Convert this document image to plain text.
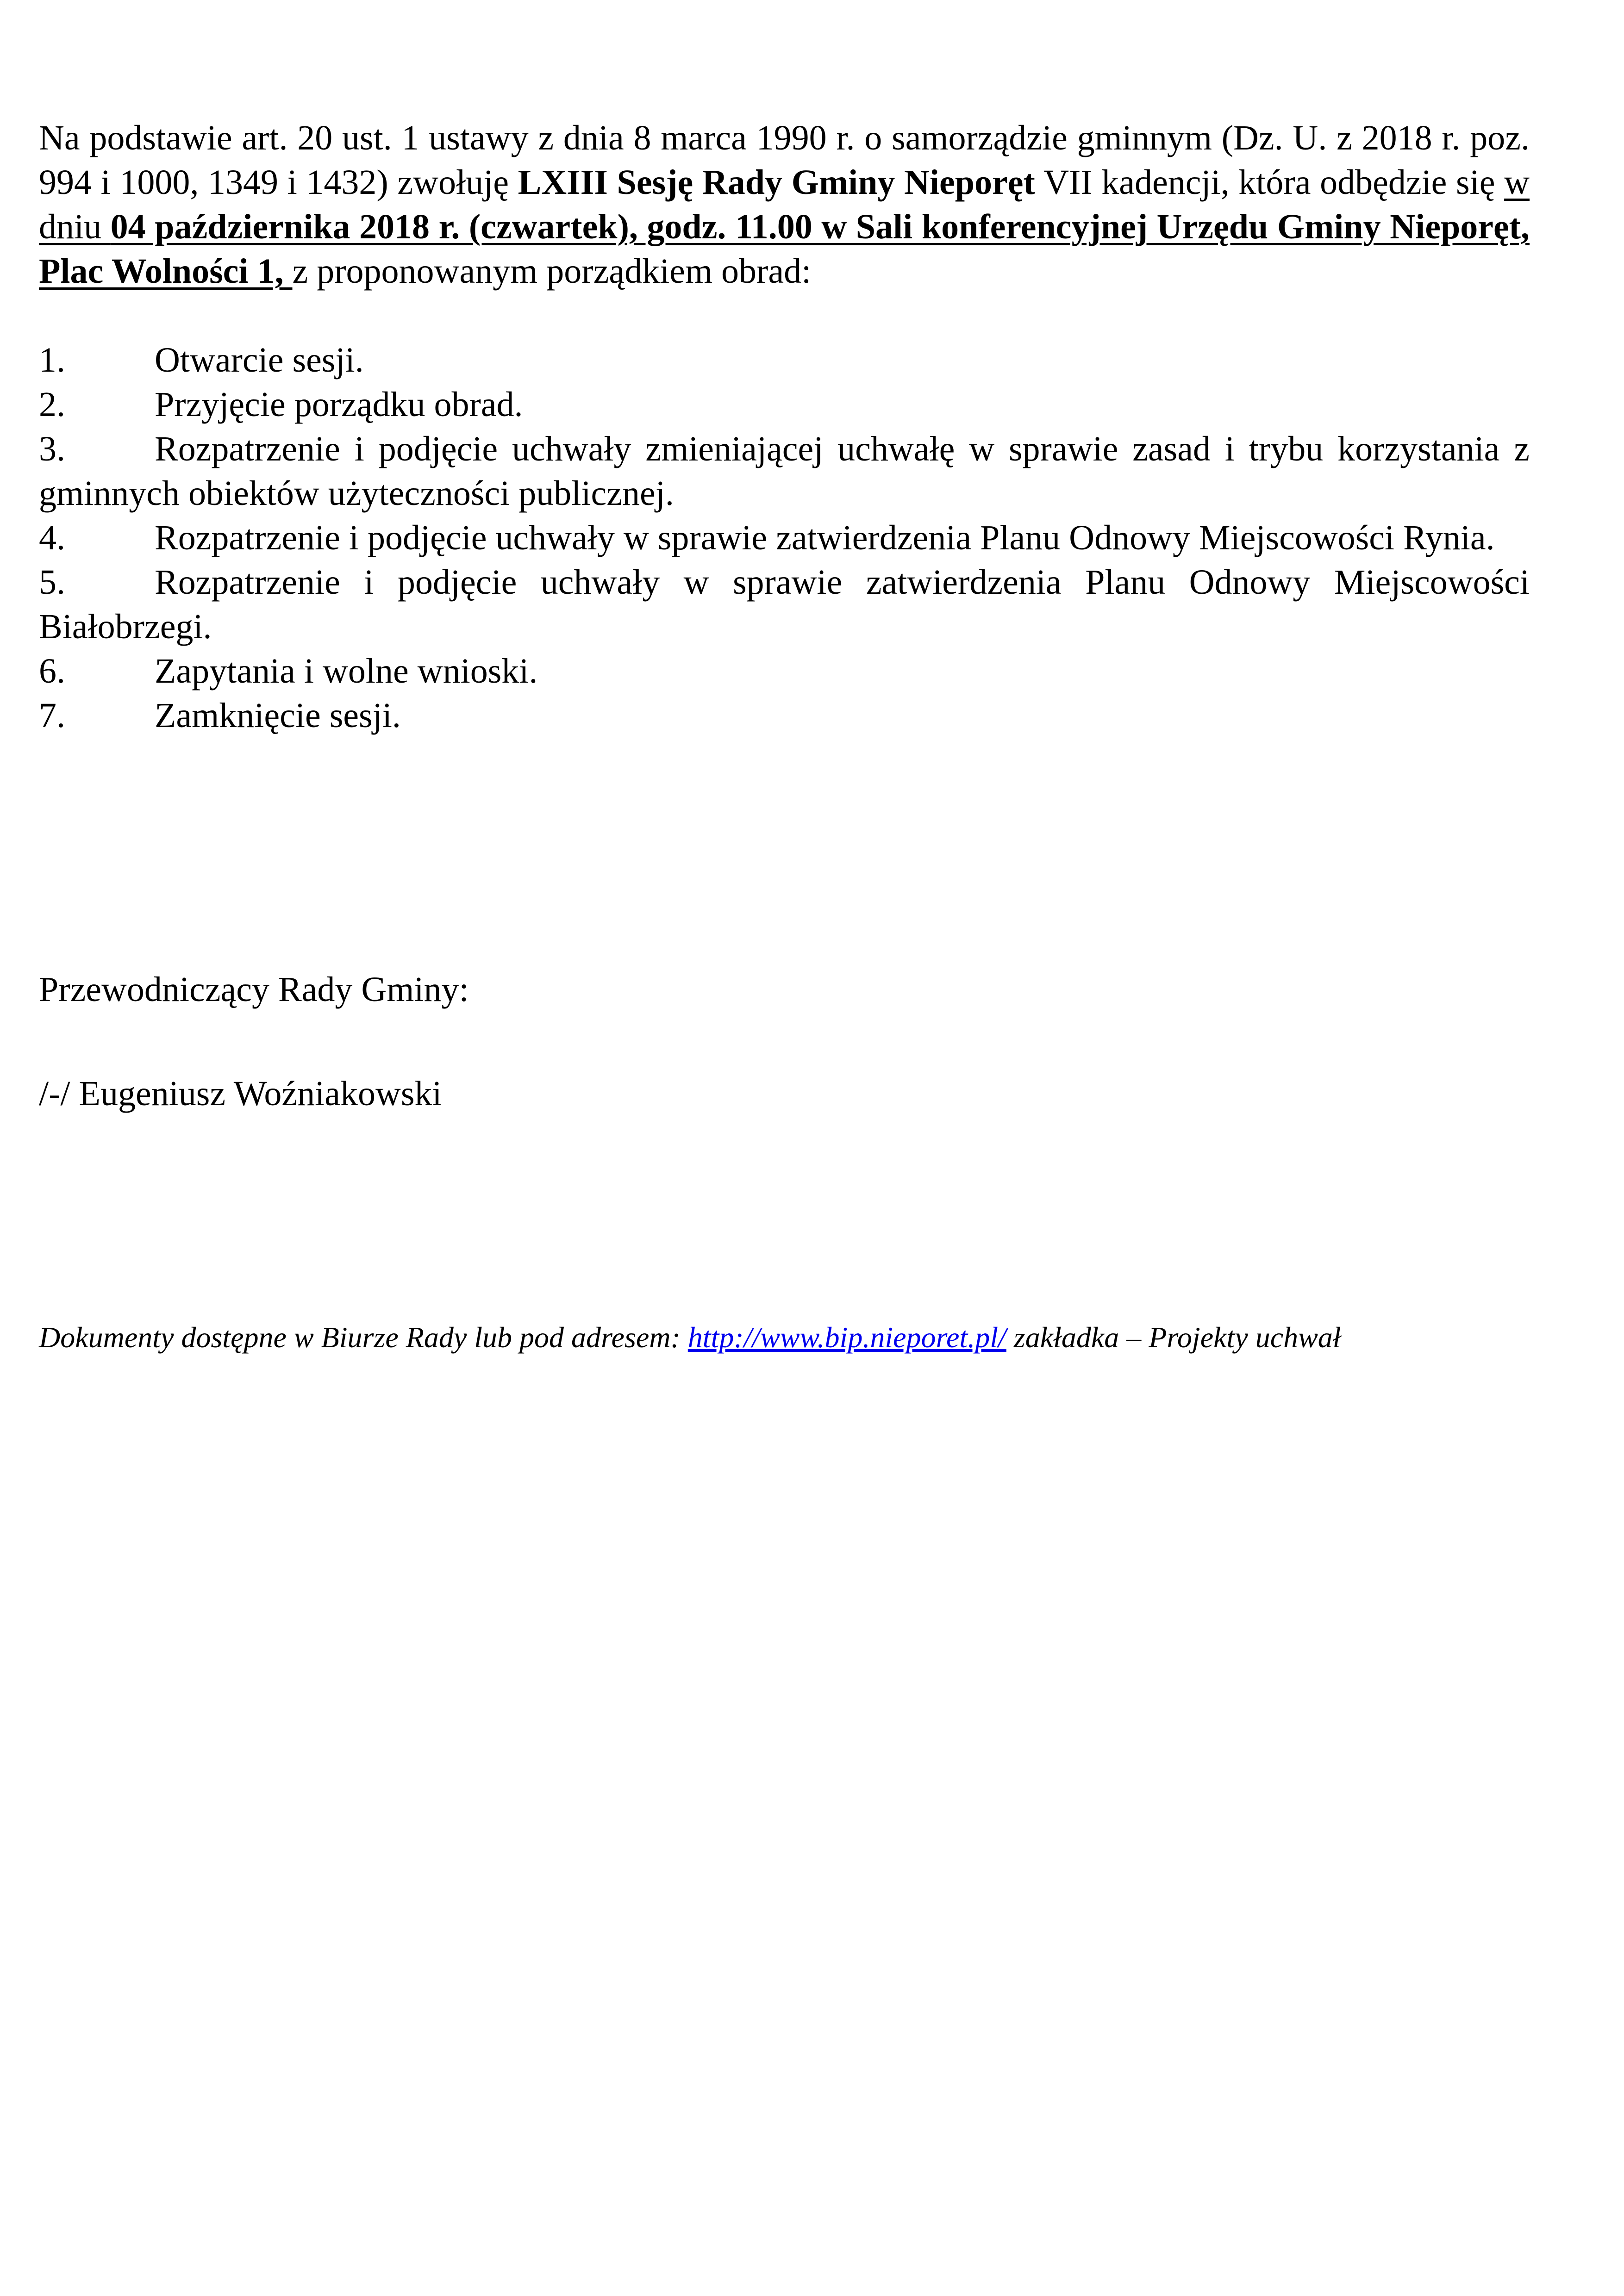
Na podstawie art. 20 ust. 1 ustawy z dnia 8 marca 1990 r. o samorządzie gminnym (Dz. U. z 2018 r. poz. 994 i 1000, 1349 i 1432) zwołuję LXIII Sesję Rady Gminy Nieporęt VII kadencji, która odbędzie się w dniu 04 października 2018 r. (czwartek), godz. 11.00 w Sali konferencyjnej Urzędu Gminy Nieporęt, Plac Wolności 1, z proponowanym porządkiem obrad:

1.	Otwarcie sesji.
2.	Przyjęcie porządku obrad.
3.	Rozpatrzenie i podjęcie uchwały zmieniającej uchwałę w sprawie zasad i trybu korzystania z gminnych obiektów użyteczności publicznej.
4.	Rozpatrzenie i podjęcie uchwały w sprawie zatwierdzenia Planu Odnowy Miejscowości Rynia.
5.	Rozpatrzenie i podjęcie uchwały w sprawie zatwierdzenia Planu Odnowy Miejscowości Białobrzegi.
6.	Zapytania i wolne wnioski.
7.	Zamknięcie sesji.
Przewodniczący Rady Gminy:
/-/ Eugeniusz Woźniakowski
Dokumenty dostępne w Biurze Rady lub pod adresem: http://www.bip.nieporet.pl/ zakładka – Projekty uchwał
